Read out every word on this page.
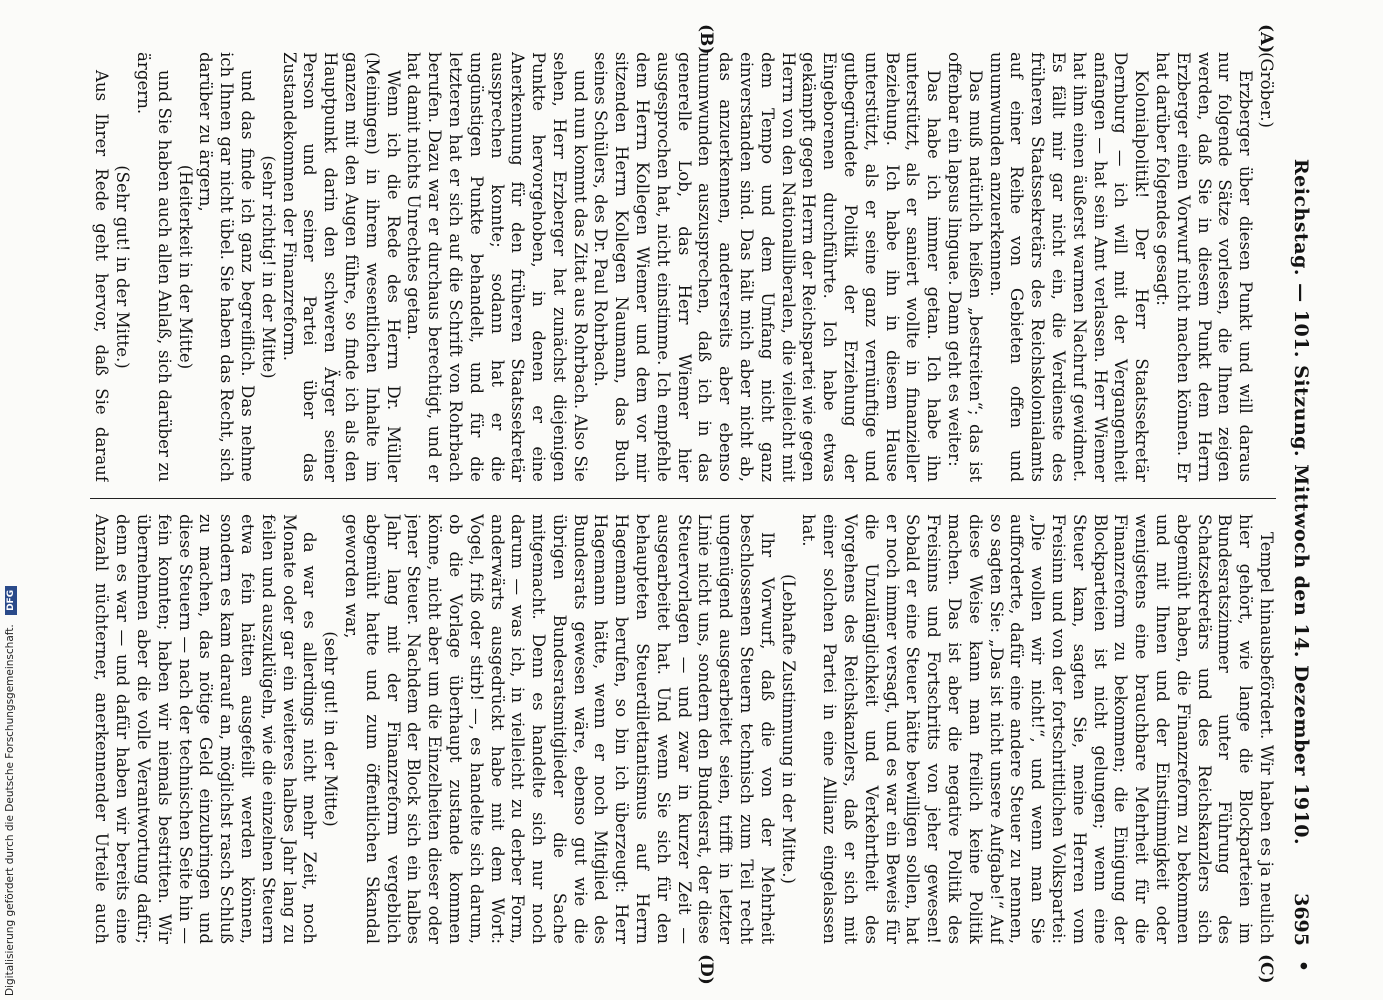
Reichstag. — 101. Sitzung. Mittwoch den 14. Dezember 1910.
3695
•

(Gröber.)

Erzberger über diesen Punkt und will daraus nur folgende Sätze vorlesen, die Ihnen zeigen werden, daß Sie in diesem Punkt dem Herrn Erzberger einen Vorwurf nicht machen können. Er hat darüber folgendes gesagt:

Kolonialpolitik! Der Herr Staatssekretär Dernburg — ich will mit der Vergangenheit anfangen — hat sein Amt verlassen. Herr Wiemer hat ihm einen äußerst warmen Nachruf gewidmet. Es fällt mir gar nicht ein, die Verdienste des früheren Staatssekretärs des Reichskolonialamts auf einer Reihe von Gebieten offen und unumwunden anzuerkennen.

Das muß natürlich heißen „bestreiten“; das ist offenbar ein lapsus linguae. Dann geht es weiter:

Das habe ich immer getan. Ich habe ihn unterstützt, als er saniert wollte in finanzieller Beziehung. Ich habe ihn in diesem Hause unterstützt, als er seine ganz vernünftige und gutbegründete Politik der Erziehung der Eingeborenen durchführte. Ich habe etwas gekämpft gegen Herrn der Reichspartei wie gegen Herrn von den Nationalliberalen, die vielleicht mit dem Tempo und dem Umfang nicht ganz einverstanden sind. Das hält mich aber nicht ab, das anzuerkennen, andererseits aber ebenso unumwunden auszusprechen, daß ich in das generelle Lob, das Herr Wiemer hier ausgesprochen hat, nicht einstimme. Ich empfehle dem Herrn Kollegen Wiemer und dem vor mir sitzenden Herrn Kollegen Naumann, das Buch seines Schülers, des Dr. Paul Rohrbach.

und nun kommt das Zitat aus Rohrbach. Also Sie sehen, Herr Erzberger hat zunächst diejenigen Punkte hervorgehoben, in denen er eine Anerkennung für den früheren Staatssekretär aussprechen konnte; sodann hat er die ungünstigen Punkte behandelt, und für die letzteren hat er sich auf die Schrift von Rohrbach berufen. Dazu war er durchaus berechtigt, und er hat damit nichts Unrechtes getan.

Wenn ich die Rede des Herrn Dr. Müller (Meiningen) in ihrem wesentlichen Inhalte im ganzen mit den Augen führe, so finde ich als den Hauptpunkt darin den schweren Ärger seiner Person und seiner Partei über das Zustandekommen der Finanzreform.

(sehr richtig! in der Mitte)

und das finde ich ganz begreiflich. Das nehme ich Ihnen gar nicht übel. Sie haben das Recht, sich darüber zu ärgern,

(Heiterkeit in der Mitte)

und Sie haben auch allen Anlaß, sich darüber zu ärgern.

(Sehr gut! in der Mitte.)

Aus Ihrer Rede geht hervor, daß Sie darauf

Tempel hinausbefördert. Wir haben es ja neulich hier gehört, wie lange die Blockparteien im Bundesratszimmer unter Führung des Schatzsekretärs und des Reichskanzlers sich abgemüht haben, die Finanzreform zu bekommen und mit Ihnen und der Einstimmigkeit oder wenigstens eine brauchbare Mehrheit für die Finanzreform zu bekommen; die Einigung der Blockparteien ist nicht gelungen; wenn eine Steuer kam, sagten Sie, meine Herren vom Freisinn und von der fortschrittlichen Volkspartei: „Die wollen wir nicht!“, und wenn man Sie aufforderte, dafür eine andere Steuer zu nennen, so sagten Sie: „Das ist nicht unsere Aufgabe!“ Auf diese Weise kann man freilich keine Politik machen. Das ist aber die negative Politik des Freisinns und Fortschritts von jeher gewesen! Sobald er eine Steuer hätte bewilligen sollen, hat er noch immer versagt, und es war ein Beweis für die Unzulänglichkeit und Verkehrtheit des Vorgehens des Reichskanzlers, daß er sich mit einer solchen Partei in eine Allianz eingelassen hat.

(Lebhafte Zustimmung in der Mitte.)

Ihr Vorwurf, daß die von der Mehrheit beschlossenen Steuern technisch zum Teil recht ungenügend ausgearbeitet seien, trifft in letzter Linie nicht uns, sondern den Bundesrat, der diese Steuervorlagen — und zwar in kurzer Zeit — ausgearbeitet hat. Und wenn Sie sich für den behaupteten Steuerdilettantismus auf Herrn Hagemann berufen, so bin ich überzeugt: Herr Hagemann hätte, wenn er noch Mitglied des Bundesrats gewesen wäre, ebenso gut wie die übrigen Bundesratsmitglieder die Sache mitgemacht. Denn es handelte sich nur noch darum — was ich, in vielleicht zu derber Form, anderwärts ausgedrückt habe mit dem Wort: Vogel, friß oder stirb! —, es handelte sich darum, ob die Vorlage überhaupt zustande kommen könne, nicht aber um die Einzelheiten dieser oder jener Steuer. Nachdem der Block sich ein halbes Jahr lang mit der Finanzreform vergeblich abgemüht hatte und zum öffentlichen Skandal geworden war,

(sehr gut! in der Mitte)

da war es allerdings nicht mehr Zeit, noch Monate oder gar ein weiteres halbes Jahr lang zu feilen und auszuklügeln, wie die einzelnen Steuern etwa fein hätten ausgefeilt werden können, sondern es kam darauf an, möglichst rasch Schluß zu machen, das nötige Geld einzubringen und diese Steuern — nach der technischen Seite hin — fein konnten; haben wir niemals bestritten. Wir übernehmen aber die volle Verantwortung dafür; denn es war — und dafür haben wir bereits eine Anzahl nüchterner, anerkennender Urteile auch

(A)
(B)
(C)
(D)
Digitalisierung gefördert durch die Deutsche Forschungsgemeinschaft. DFG
